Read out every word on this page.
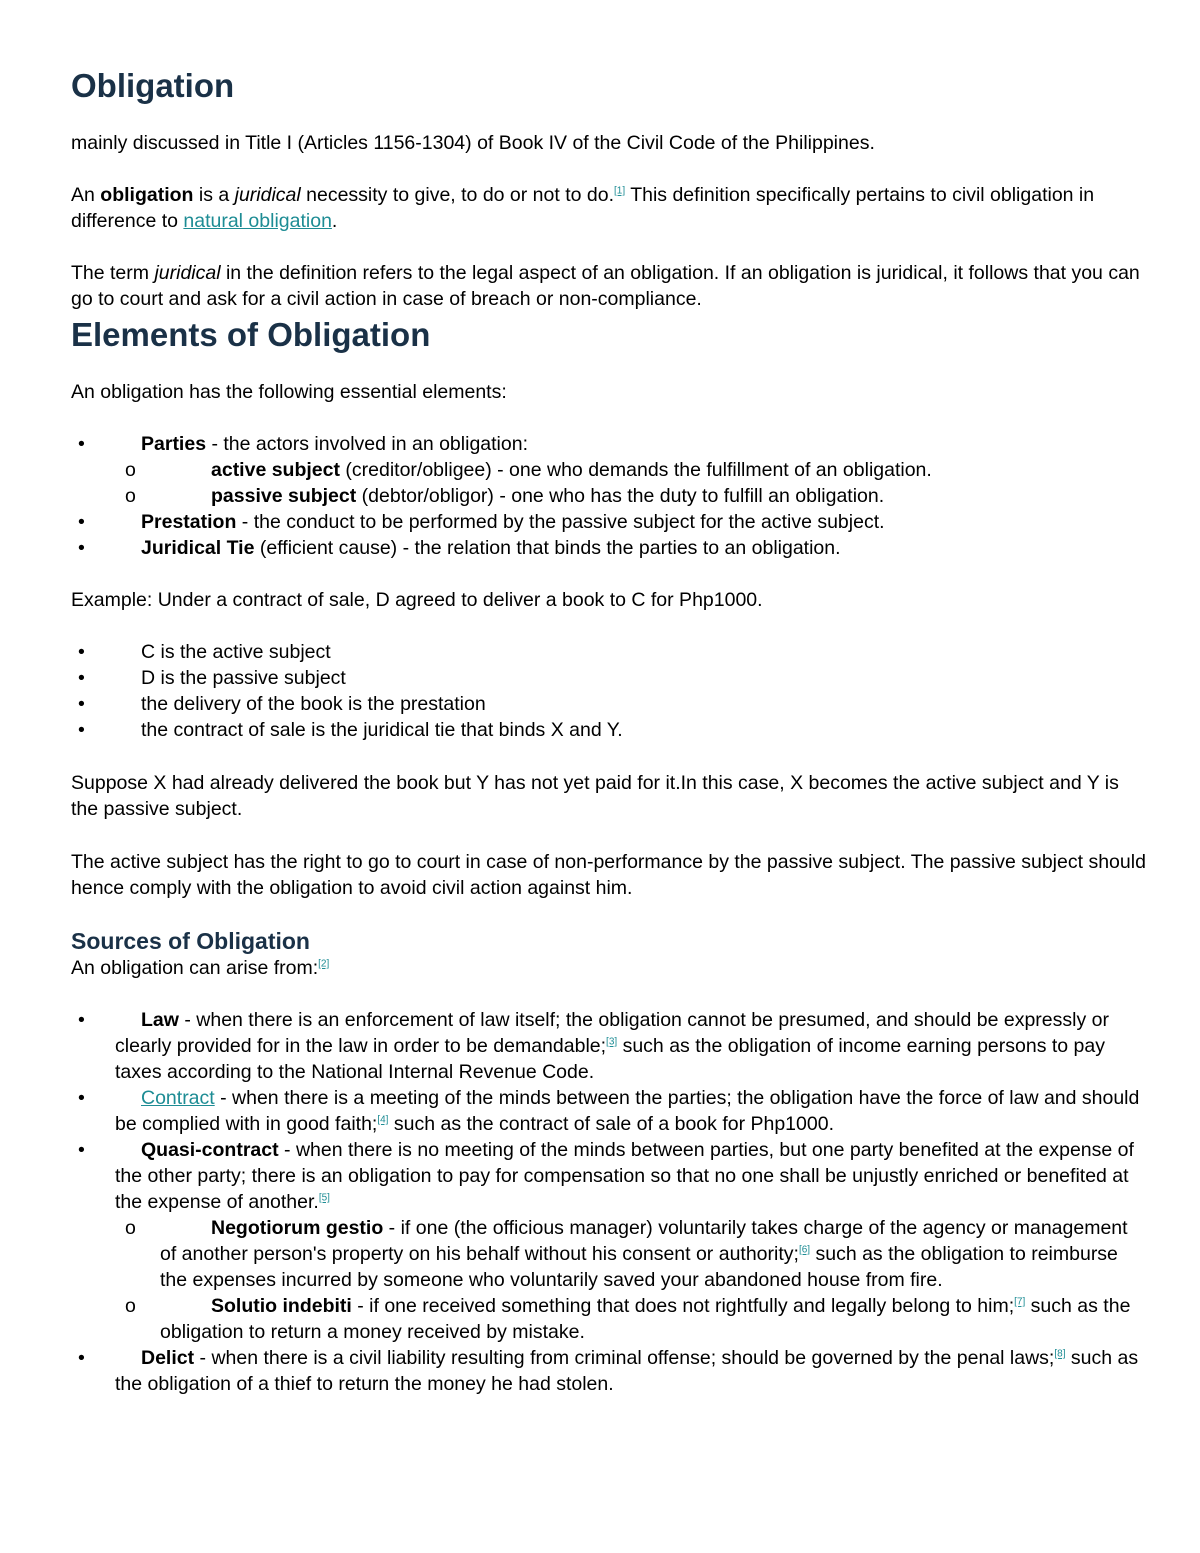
Obligation

mainly discussed in Title I (Articles 1156-1304) of Book IV of the Civil Code of the Philippines.

An obligation is a juridical necessity to give, to do or not to do.[1] This definition specifically pertains to civil obligation in difference to natural obligation.

The term juridical in the definition refers to the legal aspect of an obligation. If an obligation is juridical, it follows that you can go to court and ask for a civil action in case of breach or non-compliance.

Elements of Obligation

An obligation has the following essential elements:

•	Parties - the actors involved in an obligation:
o	active subject (creditor/obligee) - one who demands the fulfillment of an obligation.
o	passive subject (debtor/obligor) - one who has the duty to fulfill an obligation.
•	Prestation - the conduct to be performed by the passive subject for the active subject.
•	Juridical Tie (efficient cause) - the relation that binds the parties to an obligation.

Example: Under a contract of sale, D agreed to deliver a book to C for Php1000.

•	C is the active subject
•	D is the passive subject
•	the delivery of the book is the prestation
•	the contract of sale is the juridical tie that binds X and Y.

Suppose X had already delivered the book but Y has not yet paid for it.In this case, X becomes the active subject and Y is the passive subject.

The active subject has the right to go to court in case of non-performance by the passive subject. The passive subject should hence comply with the obligation to avoid civil action against him.

Sources of Obligation

An obligation can arise from:[2]

•	Law - when there is an enforcement of law itself; the obligation cannot be presumed, and should be expressly or clearly provided for in the law in order to be demandable;[3] such as the obligation of income earning persons to pay taxes according to the National Internal Revenue Code.
•	Contract - when there is a meeting of the minds between the parties; the obligation have the force of law and should be complied with in good faith;[4] such as the contract of sale of a book for Php1000.
•	Quasi-contract - when there is no meeting of the minds between parties, but one party benefited at the expense of the other party; there is an obligation to pay for compensation so that no one shall be unjustly enriched or benefited at the expense of another.[5]
o	Negotiorum gestio - if one (the officious manager) voluntarily takes charge of the agency or management of another person's property on his behalf without his consent or authority;[6] such as the obligation to reimburse the expenses incurred by someone who voluntarily saved your abandoned house from fire.
o	Solutio indebiti - if one received something that does not rightfully and legally belong to him;[7] such as the obligation to return a money received by mistake.
•	Delict - when there is a civil liability resulting from criminal offense; should be governed by the penal laws;[8] such as the obligation of a thief to return the money he had stolen.
